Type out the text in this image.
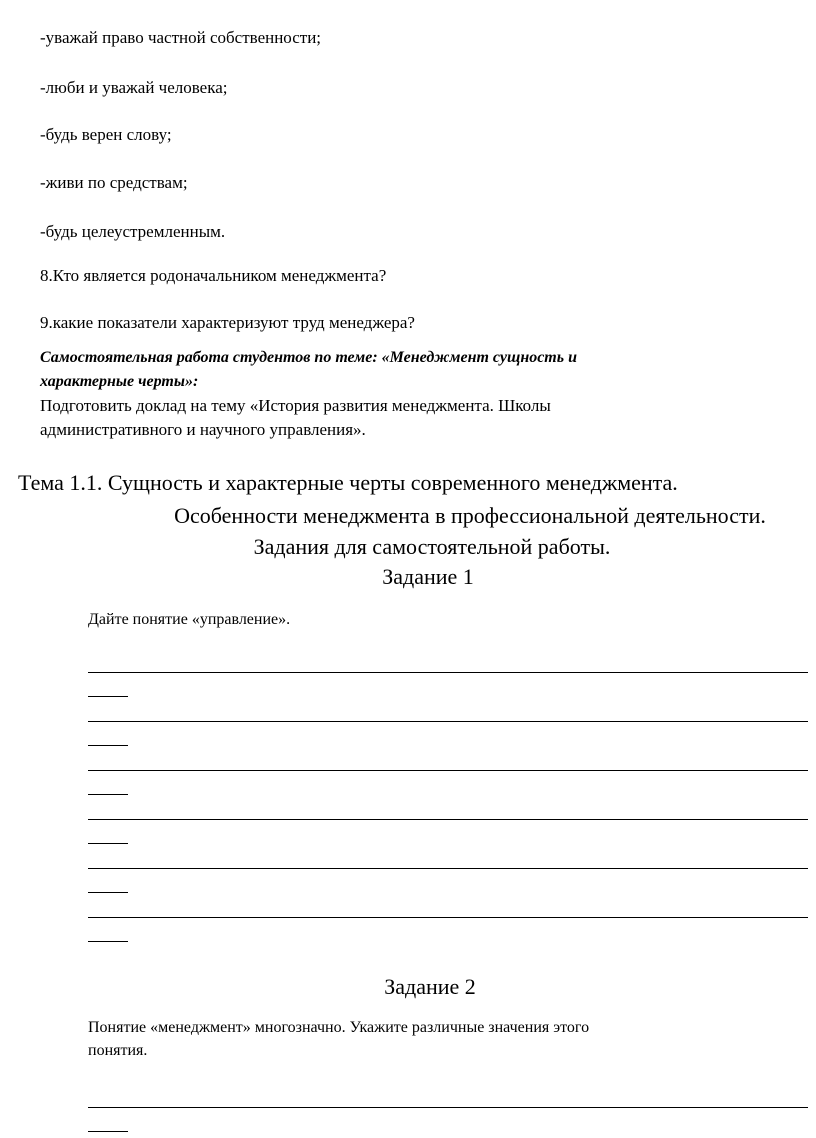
-уважай право частной собственности;
-люби и уважай человека;
-будь верен слову;
-живи по средствам;
-будь целеустремленным.
8.Кто является родоначальником менеджмента?
9.какие показатели характеризуют труд менеджера?
Самостоятельная работа студентов по теме: «Менеджмент сущность и
характерные черты»:
Подготовить доклад на тему «История развития менеджмента. Школы
административного и научного управления».
Тема 1.1. Сущность и характерные черты современного менеджмента.
Особенности менеджмента в профессиональной деятельности.
Задания для самостоятельной работы.
Задание 1
Дайте понятие «управление».
Задание 2
Понятие «менеджмент» многозначно. Укажите различные значения этого
понятия.
